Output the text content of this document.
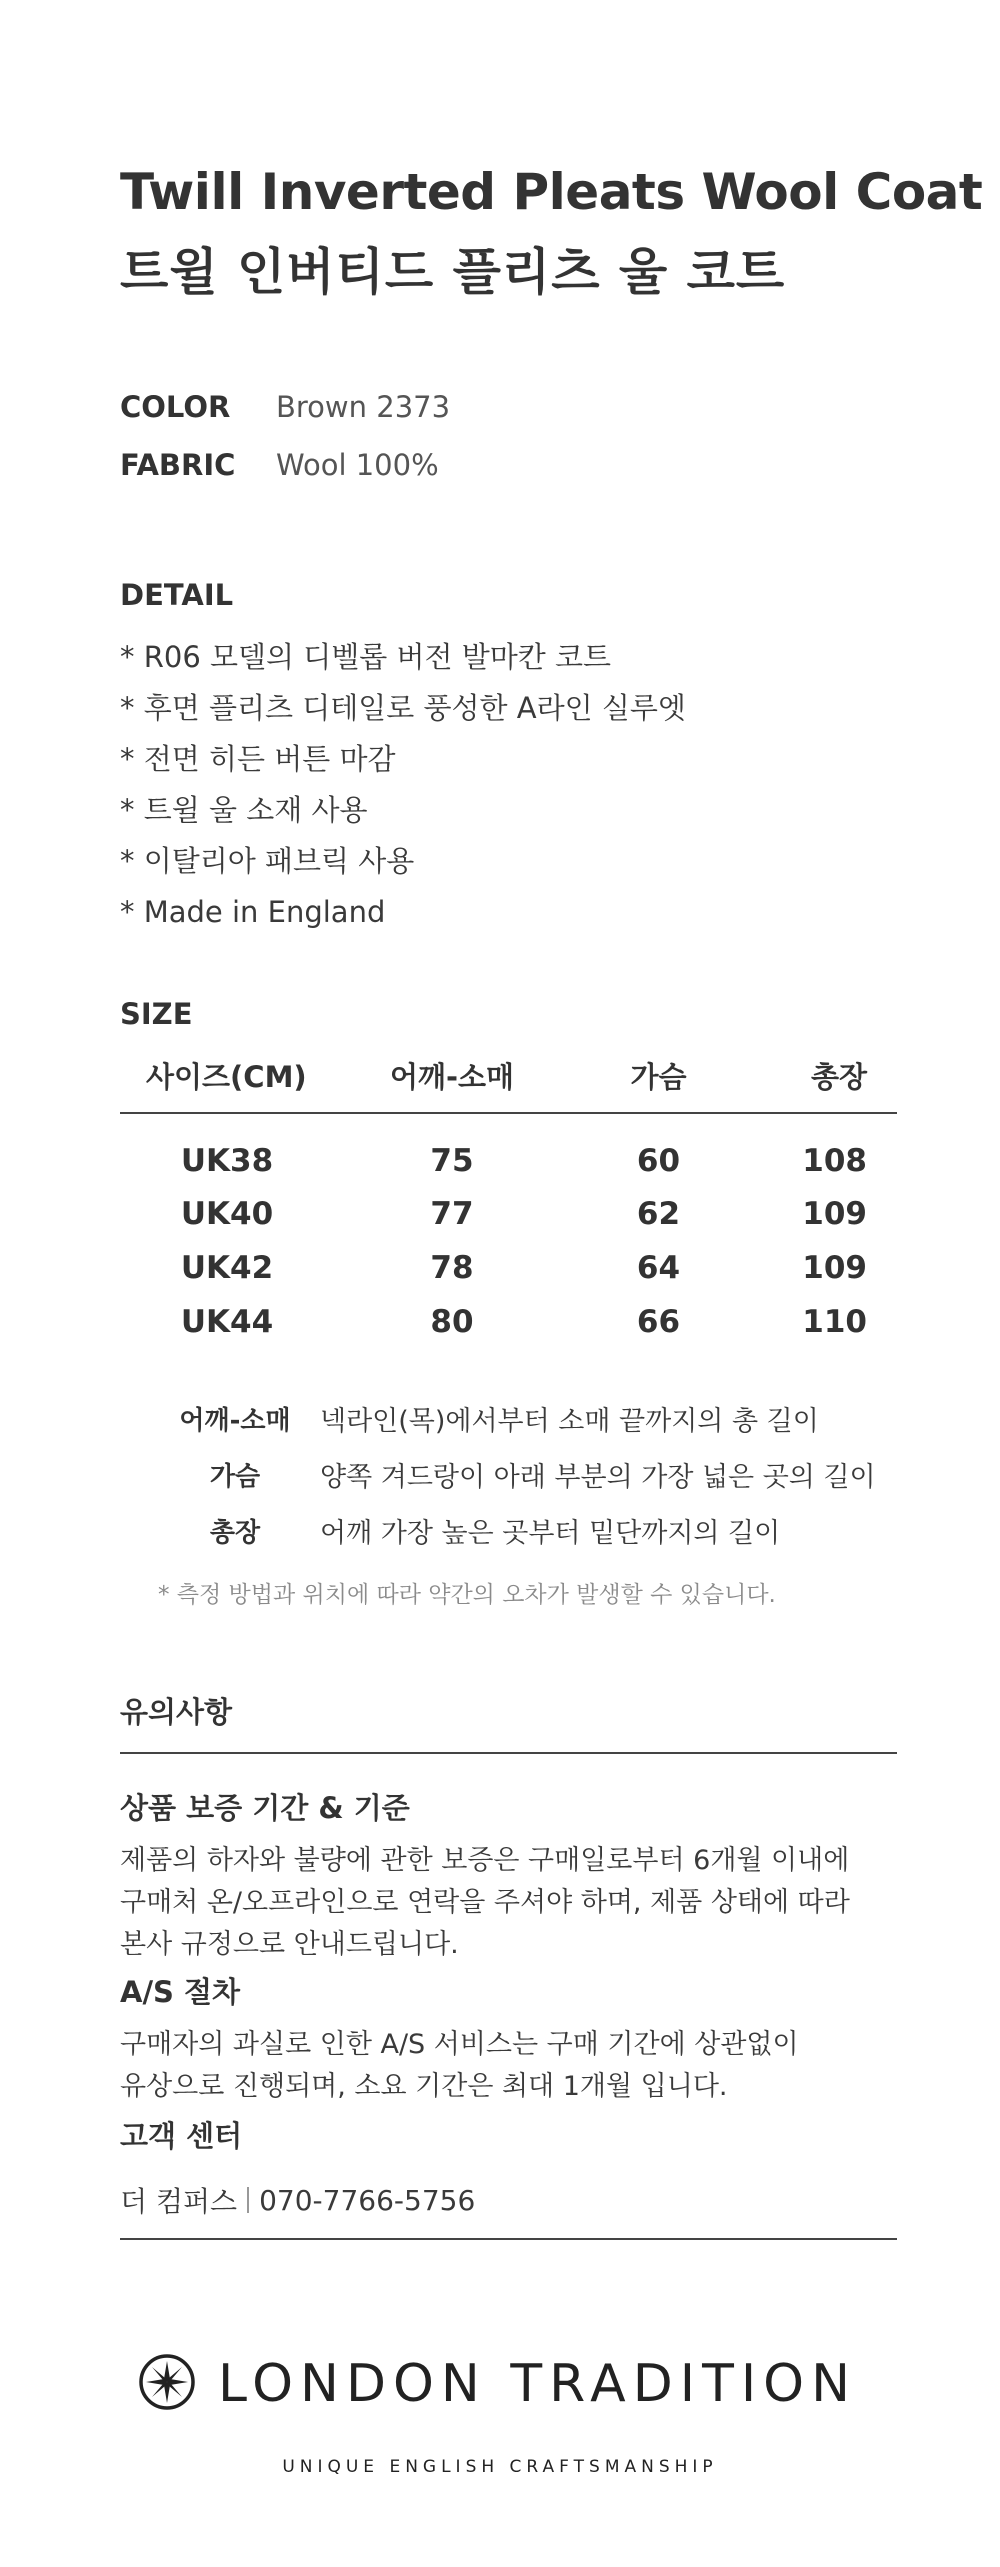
Twill Inverted Pleats Wool Coat
트윌 인버티드 플리츠 울 코트
COLOR Brown 2373
FABRIC Wool 100%
DETAIL
* R06 모델의 디벨롭 버전 발마칸 코트
* 후면 플리츠 디테일로 풍성한 A라인 실루엣
* 전면 히든 버튼 마감
* 트윌 울 소재 사용
* 이탈리아 패브릭 사용
* Made in England
SIZE
사이즈(CM)	어깨-소매	가슴	총장
UK38	75	60	108
UK40	77	62	109
UK42	78	64	109
UK44	80	66	110
어깨-소매	넥라인(목)에서부터 소매 끝까지의 총 길이
가슴	양쪽 겨드랑이 아래 부분의 가장 넓은 곳의 길이
총장	어깨 가장 높은 곳부터 밑단까지의 길이
* 측정 방법과 위치에 따라 약간의 오차가 발생할 수 있습니다.
유의사항
상품 보증 기간 & 기준
제품의 하자와 불량에 관한 보증은 구매일로부터 6개월 이내에
구매처 온/오프라인으로 연락을 주셔야 하며, 제품 상태에 따라
본사 규정으로 안내드립니다.
A/S 절차
구매자의 과실로 인한 A/S 서비스는 구매 기간에 상관없이
유상으로 진행되며, 소요 기간은 최대 1개월 입니다.
고객 센터
더 컴퍼스 070-7766-5756
LONDON TRADITION
UNIQUE ENGLISH CRAFTSMANSHIP
